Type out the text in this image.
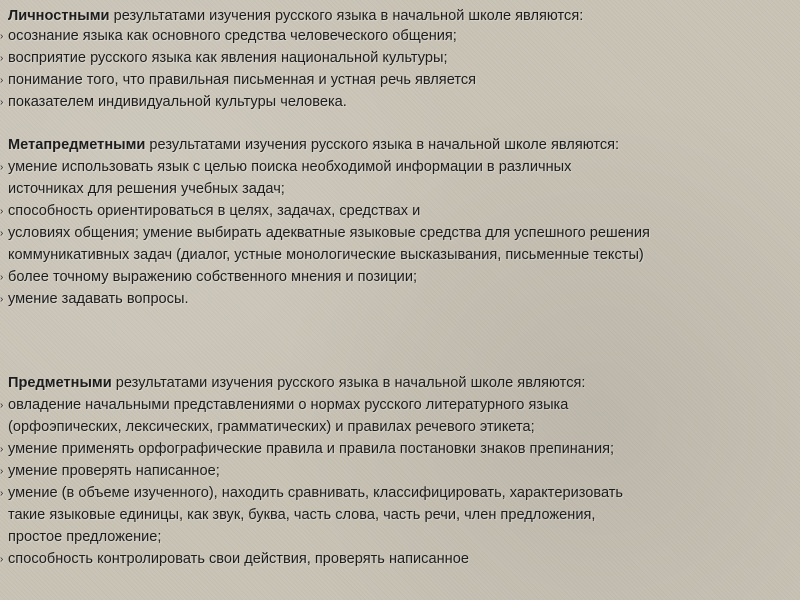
Личностными результатами изучения русского языка в начальной школе являются:
› осознание языка как основного средства человеческого общения;
› восприятие русского языка как явления национальной культуры;
› понимание того, что правильная письменная и устная речь является
› показателем индивидуальной культуры человека.
Метапредметными результатами изучения русского языка в начальной школе являются:
› умение использовать язык с целью поиска необходимой информации в различных
источниках для решения учебных задач;
› способность ориентироваться в целях, задачах, средствах и
› условиях общения; умение выбирать адекватные языковые средства для успешного решения
коммуникативных задач (диалог, устные монологические высказывания, письменные тексты)
› более точному выражению собственного мнения и позиции;
› умение задавать вопросы.
Предметными результатами изучения русского языка в начальной школе являются:
› овладение начальными представлениями о нормах русского литературного языка
(орфоэпических, лексических, грамматических) и правилах речевого этикета;
› умение применять орфографические правила и правила постановки знаков препинания;
› умение проверять написанное;
› умение (в объеме изученного), находить сравнивать, классифицировать, характеризовать
такие языковые единицы, как звук, буква, часть слова, часть речи, член предложения,
простое предложение;
› способность контролировать свои действия, проверять написанное
